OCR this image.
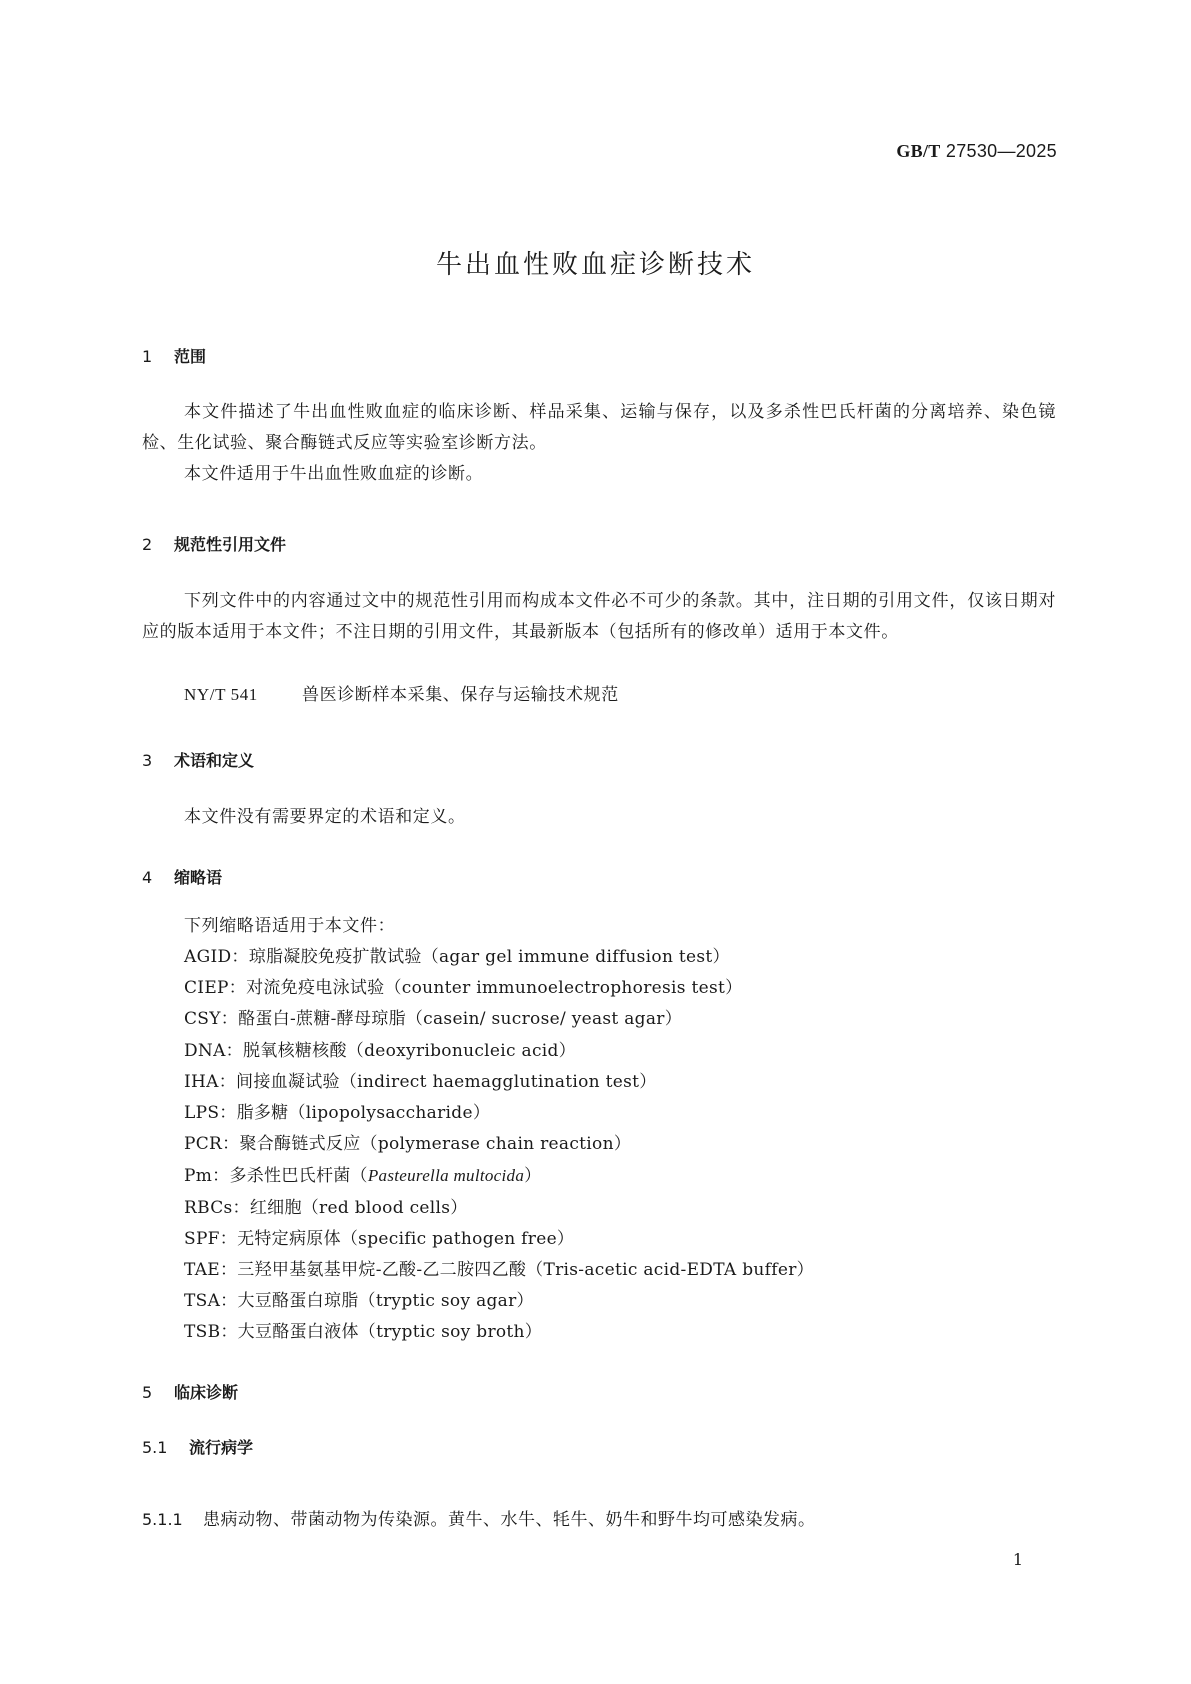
GB/T 27530—2025
牛出血性败血症诊断技术
1 范围

本文件描述了牛出血性败血症的临床诊断、样品采集、运输与保存，以及多杀性巴氏杆菌的分离培养、染色镜检、生化试验、聚合酶链式反应等实验室诊断方法。

本文件适用于牛出血性败血症的诊断。

2 规范性引用文件

下列文件中的内容通过文中的规范性引用而构成本文件必不可少的条款。其中，注日期的引用文件，仅该日期对应的版本适用于本文件；不注日期的引用文件，其最新版本（包括所有的修改单）适用于本文件。

NY/T 541	兽医诊断样本采集、保存与运输技术规范

3 术语和定义

本文件没有需要界定的术语和定义。

4 缩略语

下列缩略语适用于本文件：

AGID：琼脂凝胶免疫扩散试验（agar gel immune diffusion test）
CIEP：对流免疫电泳试验（counter immunoelectrophoresis test）
CSY：酪蛋白-蔗糖-酵母琼脂（casein/ sucrose/ yeast agar）
DNA：脱氧核糖核酸（deoxyribonucleic acid）
IHA：间接血凝试验（indirect haemagglutination test）
LPS：脂多糖（lipopolysaccharide）
PCR：聚合酶链式反应（polymerase chain reaction）
Pm：多杀性巴氏杆菌（Pasteurella multocida）
RBCs：红细胞（red blood cells）
SPF：无特定病原体（specific pathogen free）
TAE：三羟甲基氨基甲烷-乙酸-乙二胺四乙酸（Tris-acetic acid-EDTA buffer）
TSA：大豆酪蛋白琼脂（tryptic soy agar）
TSB：大豆酪蛋白液体（tryptic soy broth）
5 临床诊断
5.1 流行病学

5.1.1 患病动物、带菌动物为传染源。黄牛、水牛、牦牛、奶牛和野牛均可感染发病。

1
